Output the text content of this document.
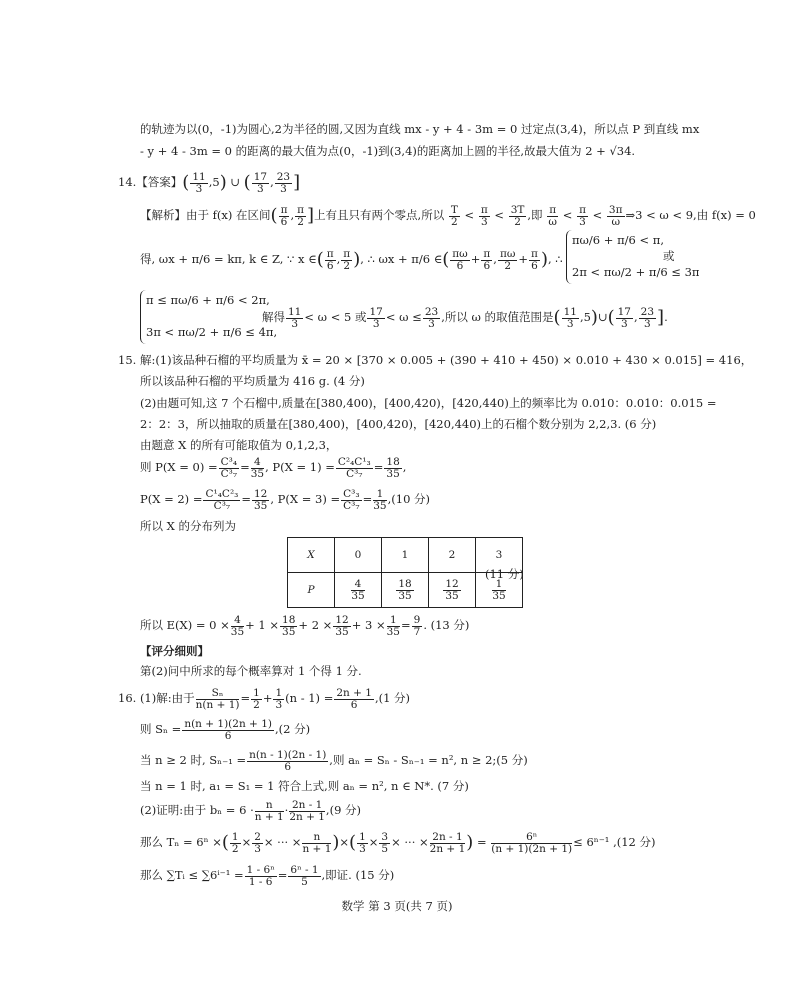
的轨迹为以(0，-1)为圆心,2为半径的圆,又因为直线 mx - y + 4 - 3m = 0 过定点(3,4)，所以点 P 到直线 mx
- y + 4 - 3m = 0 的距离的最大值为点(0，-1)到(3,4)的距离加上圆的半径,故最大值为 2 + √34.
14.【答案】( $\frac{11}{3} ,5$) ∪ ( $\frac{17}{3}$ , $\frac{23}{3}$ ]
【解析】由于 f(x) 在区间( $\frac{\pi}{6}$ , $\frac{\pi}{2}$ ]上有且只有两个零点,所以 $\frac{T}{2} < \frac{\pi}{3} < \frac{3T}{2}$ ,即 $\frac{\pi}{\omega} < \frac{\pi}{3} < \frac{3\pi}{\omega}$ ⇒3 < ω < 9,由 f(x) = 0
得, ωx + π/6 = kπ, k ∈ Z, ∵ x ∈( $\frac{\pi}{6}$ , $\frac{\pi}{2}$ ), ∴ ωx + π/6 ∈( $\frac{\pi\omega}{6} + \frac{\pi}{6}$ , $\frac{\pi\omega}{2} + \frac{\pi}{6}$ ), ∴
πω/6 + π/6 < π,
2π < πω/2 + π/6 ≤ 3π
或
π ≤ πω/6 + π/6 < 2π,
3π < πω/2 + π/6 ≤ 4π,
解得 $\frac{11}{3} < \omega < 5$ 或 $\frac{17}{3} < \omega \le \frac{23}{3}$ ,所以 ω 的取值范围是( $\frac{11}{3}$ ,5)∪( $\frac{17}{3}$ , $\frac{23}{3}$ ].
15. 解:(1)该品种石榴的平均质量为 x̄ = 20 × [370 × 0.005 + (390 + 410 + 450) × 0.010 + 430 × 0.015] = 416，
所以该品种石榴的平均质量为 416 g. (4 分)
(2)由题可知,这 7 个石榴中,质量在[380,400)，[400,420)，[420,440)上的频率比为 0.010：0.010：0.015 =
2：2：3，所以抽取的质量在[380,400)，[400,420)，[420,440)上的石榴个数分别为 2,2,3. (6 分)
由题意 X 的所有可能取值为 0,1,2,3，
则 $P(X = 0) = \frac{\text{C³₄}}{\text{C³₇}} = \frac{4}{35}$ , $P(X = 1) = \frac{\text{C²₄C¹₃}}{\text{C³₇}} = \frac{18}{35}$ ,
$P(X = 2) = \frac{\text{C¹₄C²₃}}{\text{C³₇}} = \frac{12}{35}$ , $P(X = 3) = \frac{\text{C³₃}}{\text{C³₇}} = \frac{1}{35} ,(10$ 分)
所以 X 的分布列为
X	0	1	2	3
P	$\frac{4}{35}$	$\frac{18}{35}$	$\frac{12}{35}$	$\frac{1}{35}$
(11 分)
所以 $E(X) = 0 \times \frac{4}{35} + 1 \times \frac{18}{35} + 2 \times \frac{12}{35} + 3 \times \frac{1}{35} = \frac{9}{7}$ . (13 分)
【评分细则】
第(2)问中所求的每个概率算对 1 个得 1 分.
16. (1)解:由于 $\frac{\text{Sₙ}}{n(n + 1)} = \frac{1}{2} + \frac{1}{3} (n - 1) = \frac{2n + 1}{6} ,(1$ 分)
则 $S_n = \frac{n(n + 1)(2n + 1)}{6} ,(2$ 分)
当 n ≥ 2 时, $S_{n-1} = \frac{n(n - 1)(2n - 1)}{6}$ ,则 aₙ = Sₙ - Sₙ₋₁ = n², n ≥ 2;(5 分)
当 n = 1 时, a₁ = S₁ = 1 符合上式,则 aₙ = n², n ∈ N*. (7 分)
(2)证明:由于 $b_n = 6 \cdot \frac{n}{n + 1} \cdot \frac{2n - 1}{2n + 1} ,(9$ 分)
那么 Tₙ = 6ⁿ ×( $\frac{1}{2} \times \frac{2}{3}$ × ··· × $\frac{n}{n + 1}$ )×( $\frac{1}{3} \times \frac{3}{5}$ × ··· × $\frac{2n - 1}{2n + 1}$ ) = $\frac{\text{6ⁿ}}{(n + 1)(2n + 1)} \le 6^{n-1}$ ,(12 分)
那么 ∑Tᵢ ≤ $\sum 6^{i-1} = \frac{\text{1 - 6ⁿ}}{1 - 6} = \frac{\text{6ⁿ - 1}}{5}$ ,即证. (15 分)
数学 第 3 页(共 7 页)
